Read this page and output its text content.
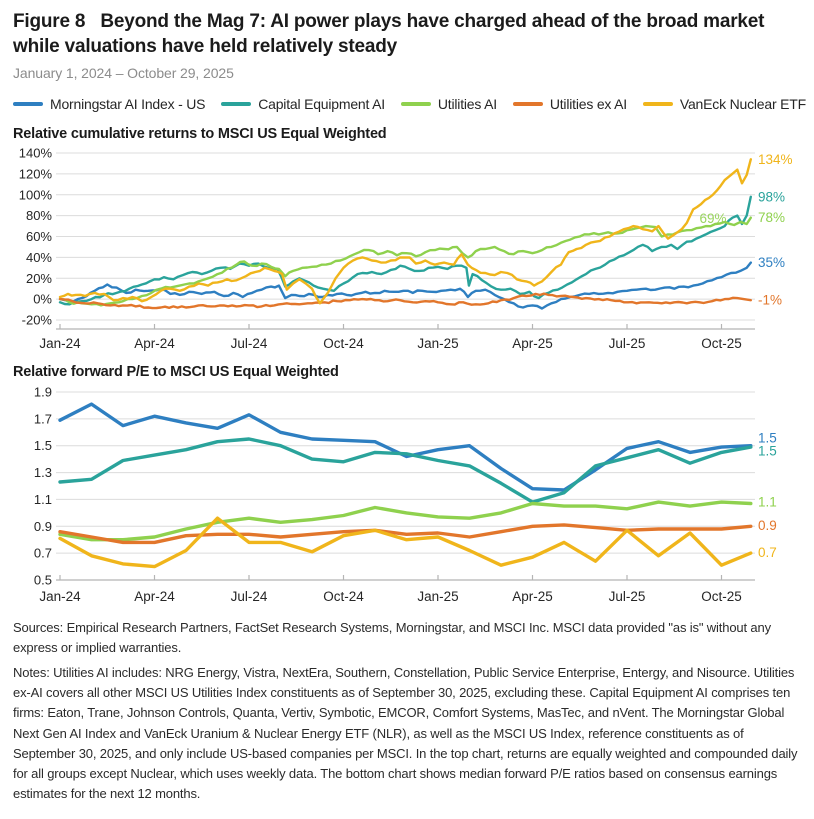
Figure 8 Beyond the Mag 7: AI power plays have charged ahead of the broad market while valuations have held relatively steady
January 1, 2024 – October 29, 2025
Morningstar AI Index - US	Capital Equipment AI	Utilities AI	Utilities ex AI	VanEck Nuclear ETF
Relative cumulative returns to MSCI US Equal Weighted
140%
120%
100%
80%
60%
40%
20%
0%
-20%
Jan-24	Apr-24	Jul-24	Oct-24	Jan-25	Apr-25	Jul-25	Oct-25
69%
35%
98%
78%
-1%
134%
Relative forward P/E to MSCI US Equal Weighted
1.9
1.7
1.5
1.3
1.1
0.9
0.7
0.5
Jan-24	Apr-24	Jul-24	Oct-24	Jan-25	Apr-25	Jul-25	Oct-25
1.5
1.5
1.1
0.9
0.7

Sources: Empirical Research Partners, FactSet Research Systems, Morningstar, and MSCI Inc. MSCI data provided "as is" without any express or implied warranties.

Notes: Utilities AI includes: NRG Energy, Vistra, NextEra, Southern, Constellation, Public Service Enterprise, Entergy, and Nisource. Utilities ex-AI covers all other MSCI US Utilities Index constituents as of September 30, 2025, excluding these. Capital Equipment AI comprises ten firms: Eaton, Trane, Johnson Controls, Quanta, Vertiv, Symbotic, EMCOR, Comfort Systems, MasTec, and nVent. The Morningstar Global Next Gen AI Index and VanEck Uranium & Nuclear Energy ETF (NLR), as well as the MSCI US Index, reference constituents as of September 30, 2025, and only include US-based companies per MSCI. In the top chart, returns are equally weighted and compounded daily for all groups except Nuclear, which uses weekly data. The bottom chart shows median forward P/E ratios based on consensus earnings estimates for the next 12 months.
